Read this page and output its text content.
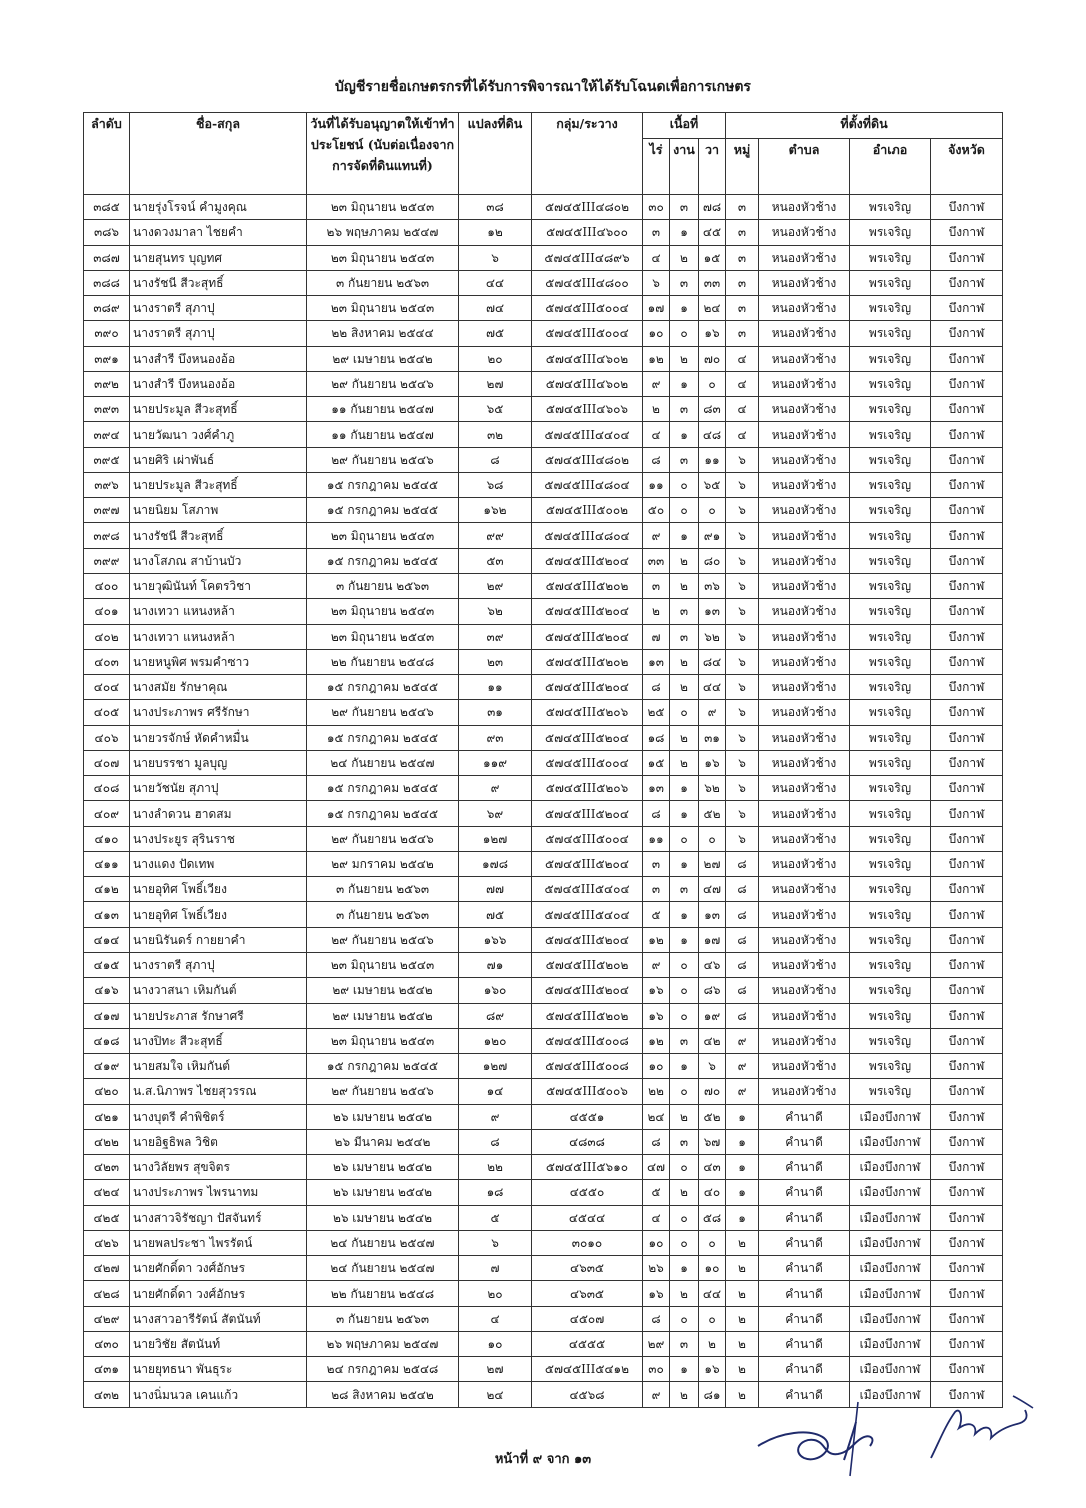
บัญชีรายชื่อเกษตรกรที่ได้รับการพิจารณาให้ได้รับโฉนดเพื่อการเกษตร
ลำดับ	ชื่อ-สกุล	วันที่ได้รับอนุญาตให้เข้าทำประโยชน์ (นับต่อเนื่องจากการจัดที่ดินแทนที่)	แปลงที่ดิน	กลุ่ม/ระวาง	เนื้อที่			ที่ตั้งที่ดิน			
					ไร่	งาน	วา	หมู่	ตำบล	อำเภอ	จังหวัด
๓๘๕	นายรุ่งโรจน์ คำมูงคุณ	๒๓ มิถุนายน ๒๕๔๓	๓๘	๕๗๔๕III๔๘๐๒	๓๐	๓	๗๘	๓	หนองหัวช้าง	พรเจริญ	บึงกาฬ
๓๘๖	นางดวงมาลา ไชยคำ	๒๖ พฤษภาคม ๒๕๔๗	๑๒	๕๗๔๕III๔๖๐๐	๓	๑	๔๕	๓	หนองหัวช้าง	พรเจริญ	บึงกาฬ
๓๘๗	นายสุนทร บุญทศ	๒๓ มิถุนายน ๒๕๔๓	๖	๕๗๔๕III๔๘๙๖	๔	๒	๑๕	๓	หนองหัวช้าง	พรเจริญ	บึงกาฬ
๓๘๘	นางรัชนี สีวะสุทธิ์	๓ กันยายน ๒๕๖๓	๔๔	๕๗๔๕III๔๘๐๐	๖	๓	๓๓	๓	หนองหัวช้าง	พรเจริญ	บึงกาฬ
๓๘๙	นางราตรี สุภาปุ	๒๓ มิถุนายน ๒๕๔๓	๗๔	๕๗๔๕III๕๐๐๔	๑๗	๑	๒๔	๓	หนองหัวช้าง	พรเจริญ	บึงกาฬ
๓๙๐	นางราตรี สุภาปุ	๒๒ สิงหาคม ๒๕๔๔	๗๕	๕๗๔๕III๕๐๐๔	๑๐	๐	๑๖	๓	หนองหัวช้าง	พรเจริญ	บึงกาฬ
๓๙๑	นางสำรี บึงหนองอ้อ	๒๙ เมษายน ๒๕๔๒	๒๐	๕๗๔๕III๔๖๐๒	๑๒	๒	๗๐	๔	หนองหัวช้าง	พรเจริญ	บึงกาฬ
๓๙๒	นางสำรี บึงหนองอ้อ	๒๙ กันยายน ๒๕๔๖	๒๗	๕๗๔๕III๔๖๐๒	๙	๑	๐	๔	หนองหัวช้าง	พรเจริญ	บึงกาฬ
๓๙๓	นายประมูล สีวะสุทธิ์	๑๑ กันยายน ๒๕๔๗	๖๕	๕๗๔๕III๔๖๐๖	๒	๓	๘๓	๔	หนองหัวช้าง	พรเจริญ	บึงกาฬ
๓๙๔	นายวัฒนา วงศ์คำภู	๑๑ กันยายน ๒๕๔๗	๓๒	๕๗๔๕III๔๔๐๔	๔	๑	๔๘	๔	หนองหัวช้าง	พรเจริญ	บึงกาฬ
๓๙๕	นายศิริ เผ่าพันธ์	๒๙ กันยายน ๒๕๔๖	๘	๕๗๔๕III๔๘๐๒	๘	๓	๑๑	๖	หนองหัวช้าง	พรเจริญ	บึงกาฬ
๓๙๖	นายประมูล สีวะสุทธิ์	๑๕ กรกฎาคม ๒๕๔๕	๖๘	๕๗๔๕III๔๘๐๔	๑๑	๐	๖๕	๖	หนองหัวช้าง	พรเจริญ	บึงกาฬ
๓๙๗	นายนิยม โสภาพ	๑๕ กรกฎาคม ๒๕๔๕	๑๖๒	๕๗๔๕III๕๐๐๒	๕๐	๐	๐	๖	หนองหัวช้าง	พรเจริญ	บึงกาฬ
๓๙๘	นางรัชนี สีวะสุทธิ์	๒๓ มิถุนายน ๒๕๔๓	๙๙	๕๗๔๕III๔๘๐๔	๙	๑	๙๑	๖	หนองหัวช้าง	พรเจริญ	บึงกาฬ
๓๙๙	นางโสภณ สาบ้านบัว	๑๕ กรกฎาคม ๒๕๔๕	๕๓	๕๗๔๕III๕๒๐๔	๓๓	๒	๘๐	๖	หนองหัวช้าง	พรเจริญ	บึงกาฬ
๔๐๐	นายวุฒินันท์ โคตรวิชา	๓ กันยายน ๒๕๖๓	๒๙	๕๗๔๕III๕๒๐๒	๓	๒	๓๖	๖	หนองหัวช้าง	พรเจริญ	บึงกาฬ
๔๐๑	นางเทวา แหนงหล้า	๒๓ มิถุนายน ๒๕๔๓	๖๒	๕๗๔๕III๕๒๐๔	๒	๓	๑๓	๖	หนองหัวช้าง	พรเจริญ	บึงกาฬ
๔๐๒	นางเทวา แหนงหล้า	๒๓ มิถุนายน ๒๕๔๓	๓๙	๕๗๔๕III๕๒๐๔	๗	๓	๖๒	๖	หนองหัวช้าง	พรเจริญ	บึงกาฬ
๔๐๓	นายหนูพิศ พรมคำซาว	๒๒ กันยายน ๒๕๔๘	๒๓	๕๗๔๕III๕๒๐๒	๑๓	๒	๘๔	๖	หนองหัวช้าง	พรเจริญ	บึงกาฬ
๔๐๔	นางสมัย รักษาคุณ	๑๕ กรกฎาคม ๒๕๔๕	๑๑	๕๗๔๕III๕๒๐๔	๘	๒	๔๔	๖	หนองหัวช้าง	พรเจริญ	บึงกาฬ
๔๐๕	นางประภาพร ศรีรักษา	๒๙ กันยายน ๒๕๔๖	๓๑	๕๗๔๕III๕๒๐๖	๒๕	๐	๙	๖	หนองหัวช้าง	พรเจริญ	บึงกาฬ
๔๐๖	นายวรจักษ์ หัดคำหมื่น	๑๕ กรกฎาคม ๒๕๔๕	๙๓	๕๗๔๕III๕๒๐๔	๑๘	๒	๓๑	๖	หนองหัวช้าง	พรเจริญ	บึงกาฬ
๔๐๗	นายบรรชา มูลบุญ	๒๔ กันยายน ๒๕๔๗	๑๑๙	๕๗๔๕III๕๐๐๔	๑๕	๒	๑๖	๖	หนองหัวช้าง	พรเจริญ	บึงกาฬ
๔๐๘	นายวัชนัย สุภาปุ	๑๕ กรกฎาคม ๒๕๔๕	๙	๕๗๔๕III๕๒๐๖	๑๓	๑	๖๒	๖	หนองหัวช้าง	พรเจริญ	บึงกาฬ
๔๐๙	นางลำดวน ฮาดสม	๑๕ กรกฎาคม ๒๕๔๕	๖๙	๕๗๔๕III๕๒๐๔	๘	๑	๕๒	๖	หนองหัวช้าง	พรเจริญ	บึงกาฬ
๔๑๐	นางประยูร สุรินราช	๒๙ กันยายน ๒๕๔๖	๑๒๗	๕๗๔๕III๕๐๐๔	๑๑	๐	๐	๖	หนองหัวช้าง	พรเจริญ	บึงกาฬ
๔๑๑	นางแดง ปัดเทพ	๒๙ มกราคม ๒๕๔๒	๑๗๘	๕๗๔๕III๕๒๐๔	๓	๑	๒๗	๘	หนองหัวช้าง	พรเจริญ	บึงกาฬ
๔๑๒	นายอุทิศ โพธิ์เวียง	๓ กันยายน ๒๕๖๓	๗๗	๕๗๔๕III๕๔๐๔	๓	๓	๔๗	๘	หนองหัวช้าง	พรเจริญ	บึงกาฬ
๔๑๓	นายอุทิศ โพธิ์เวียง	๓ กันยายน ๒๕๖๓	๗๕	๕๗๔๕III๕๔๐๔	๕	๑	๑๓	๘	หนองหัวช้าง	พรเจริญ	บึงกาฬ
๔๑๔	นายนิรันดร์ กายยาคำ	๒๙ กันยายน ๒๕๔๖	๑๖๖	๕๗๔๕III๕๒๐๔	๑๒	๑	๑๗	๘	หนองหัวช้าง	พรเจริญ	บึงกาฬ
๔๑๕	นางราตรี สุภาปุ	๒๓ มิถุนายน ๒๕๔๓	๗๑	๕๗๔๕III๕๒๐๒	๙	๐	๔๖	๘	หนองหัวช้าง	พรเจริญ	บึงกาฬ
๔๑๖	นางวาสนา เหิมกันต์	๒๙ เมษายน ๒๕๔๒	๑๖๐	๕๗๔๕III๕๒๐๔	๑๖	๐	๘๖	๘	หนองหัวช้าง	พรเจริญ	บึงกาฬ
๔๑๗	นายประภาส รักษาศรี	๒๙ เมษายน ๒๕๔๒	๘๙	๕๗๔๕III๕๒๐๒	๑๖	๐	๑๙	๘	หนองหัวช้าง	พรเจริญ	บึงกาฬ
๔๑๘	นางปิทะ สีวะสุทธิ์	๒๓ มิถุนายน ๒๕๔๓	๑๒๐	๕๗๔๕III๕๐๐๘	๑๒	๓	๔๒	๙	หนองหัวช้าง	พรเจริญ	บึงกาฬ
๔๑๙	นายสมใจ เหิมกันต์	๑๕ กรกฎาคม ๒๕๔๕	๑๒๗	๕๗๔๕III๕๐๐๘	๑๐	๑	๖	๙	หนองหัวช้าง	พรเจริญ	บึงกาฬ
๔๒๐	น.ส.นิภาพร ไชยสุวรรณ	๒๙ กันยายน ๒๕๔๖	๑๔	๕๗๔๕III๕๐๐๖	๒๒	๐	๗๐	๙	หนองหัวช้าง	พรเจริญ	บึงกาฬ
๔๒๑	นางบุตรี คำพิชิตร์	๒๖ เมษายน ๒๕๔๒	๙	๔๕๕๑	๒๔	๒	๕๒	๑	คำนาดี	เมืองบึงกาฬ	บึงกาฬ
๔๒๒	นายอิฐธิพล วิชิต	๒๖ มีนาคม ๒๕๔๒	๘	๔๘๓๘	๘	๓	๖๗	๑	คำนาดี	เมืองบึงกาฬ	บึงกาฬ
๔๒๓	นางวิลัยพร สุขจิตร	๒๖ เมษายน ๒๕๔๒	๒๒	๕๗๔๕III๕๖๑๐	๔๗	๐	๔๓	๑	คำนาดี	เมืองบึงกาฬ	บึงกาฬ
๔๒๔	นางประภาพร ไพรนาทม	๒๖ เมษายน ๒๕๔๒	๑๘	๔๕๕๐	๕	๒	๔๐	๑	คำนาดี	เมืองบึงกาฬ	บึงกาฬ
๔๒๕	นางสาวจิรัชญา ปัสจันทร์	๒๖ เมษายน ๒๕๔๒	๕	๔๕๔๔	๔	๐	๕๘	๑	คำนาดี	เมืองบึงกาฬ	บึงกาฬ
๔๒๖	นายพลประชา ไพรรัตน์	๒๔ กันยายน ๒๕๔๗	๖	๓๐๑๐	๑๐	๐	๐	๒	คำนาดี	เมืองบึงกาฬ	บึงกาฬ
๔๒๗	นายศักดิ์ดา วงศ์อักษร	๒๔ กันยายน ๒๕๔๗	๗	๔๖๓๕	๒๖	๑	๑๐	๒	คำนาดี	เมืองบึงกาฬ	บึงกาฬ
๔๒๘	นายศักดิ์ดา วงศ์อักษร	๒๒ กันยายน ๒๕๔๘	๒๐	๔๖๓๕	๑๖	๒	๔๔	๒	คำนาดี	เมืองบึงกาฬ	บึงกาฬ
๔๒๙	นางสาวอารีรัตน์ สัตนันท์	๓ กันยายน ๒๕๖๓	๔	๔๕๐๗	๘	๐	๐	๒	คำนาดี	เมืองบึงกาฬ	บึงกาฬ
๔๓๐	นายวิชัย สัตนันท์	๒๖ พฤษภาคม ๒๕๔๗	๑๐	๔๕๕๕	๒๙	๓	๒	๒	คำนาดี	เมืองบึงกาฬ	บึงกาฬ
๔๓๑	นายยุทธนา พันธุระ	๒๔ กรกฎาคม ๒๕๔๘	๒๗	๕๗๔๕III๕๔๑๒	๓๐	๑	๑๖	๒	คำนาดี	เมืองบึงกาฬ	บึงกาฬ
๔๓๒	นางนิ่มนวล เคนแก้ว	๒๘ สิงหาคม ๒๕๔๒	๒๔	๔๕๖๘	๙	๒	๘๑	๒	คำนาดี	เมืองบึงกาฬ	บึงกาฬ
หน้าที่ ๙ จาก ๑๓
